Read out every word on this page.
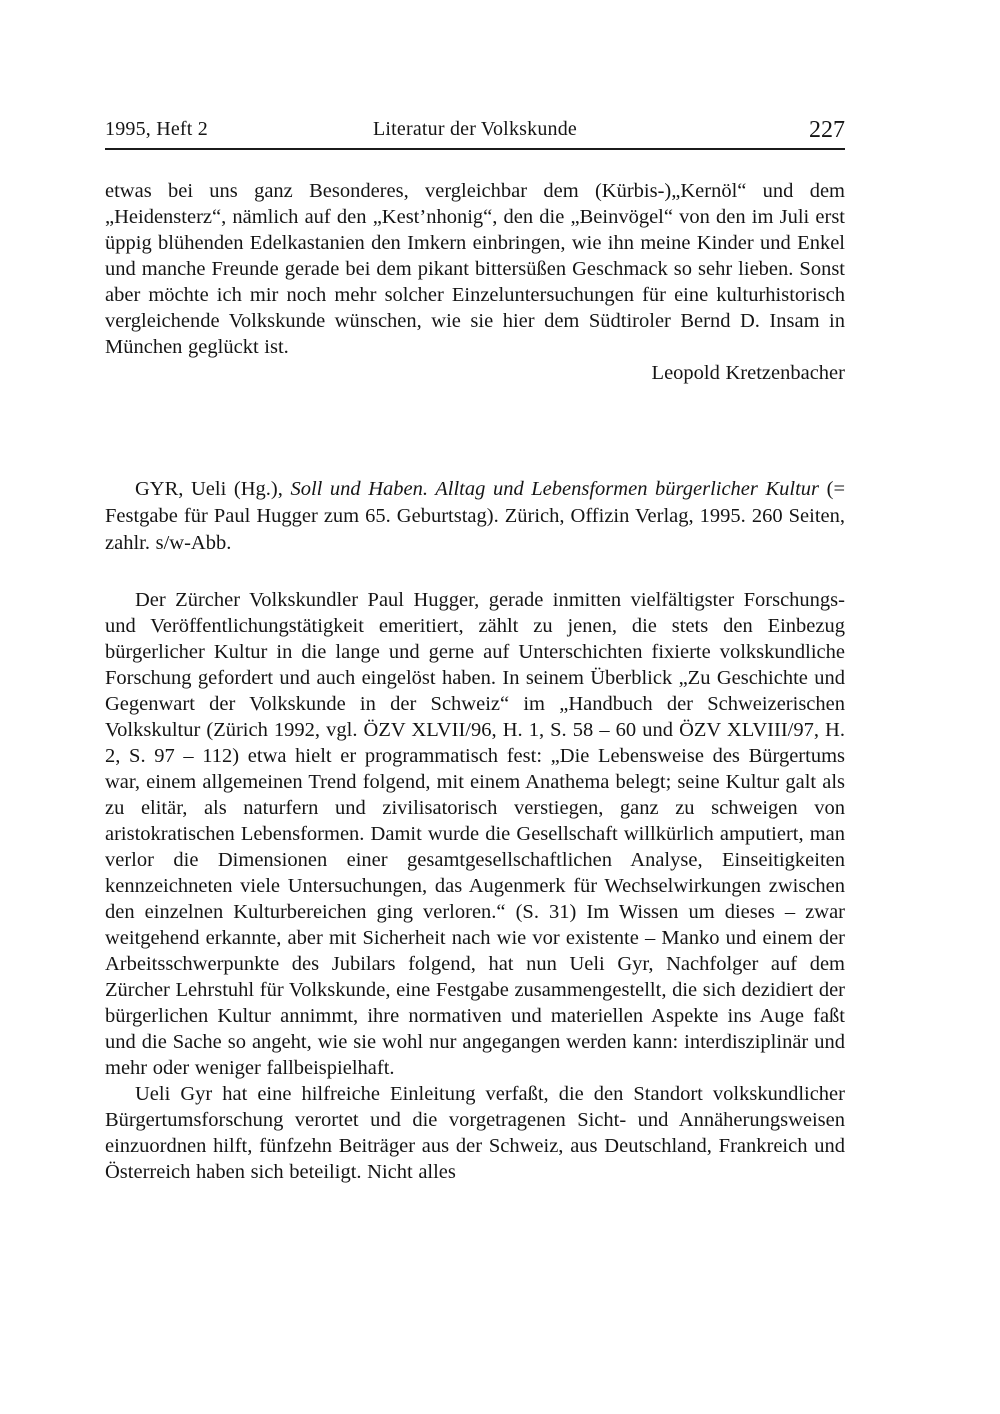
1995, Heft 2	Literatur der Volkskunde	227

etwas bei uns ganz Besonderes, vergleichbar dem (Kürbis-)„Kernöl“ und dem „Heidensterz“, nämlich auf den „Kest’nhonig“, den die „Beinvögel“ von den im Juli erst üppig blühenden Edelkastanien den Imkern einbringen, wie ihn meine Kinder und Enkel und manche Freunde gerade bei dem pikant bittersüßen Geschmack so sehr lieben. Sonst aber möchte ich mir noch mehr solcher Einzeluntersuchungen für eine kulturhistorisch vergleichende Volkskunde wünschen, wie sie hier dem Südtiroler Bernd D. Insam in München geglückt ist.

Leopold Kretzenbacher

GYR, Ueli (Hg.), Soll und Haben. Alltag und Lebensformen bürgerlicher Kultur (= Festgabe für Paul Hugger zum 65. Geburtstag). Zürich, Offizin Verlag, 1995. 260 Seiten, zahlr. s/w-Abb.

Der Zürcher Volkskundler Paul Hugger, gerade inmitten vielfältigster Forschungs- und Veröffentlichungstätigkeit emeritiert, zählt zu jenen, die stets den Einbezug bürgerlicher Kultur in die lange und gerne auf Unterschichten fixierte volkskundliche Forschung gefordert und auch eingelöst haben. In seinem Überblick „Zu Geschichte und Gegenwart der Volkskunde in der Schweiz“ im „Handbuch der Schweizerischen Volkskultur (Zürich 1992, vgl. ÖZV XLVII/96, H. 1, S. 58 – 60 und ÖZV XLVIII/97, H. 2, S. 97 – 112) etwa hielt er programmatisch fest: „Die Lebensweise des Bürgertums war, einem allgemeinen Trend folgend, mit einem Anathema belegt; seine Kultur galt als zu elitär, als naturfern und zivilisatorisch verstiegen, ganz zu schweigen von aristokratischen Lebensformen. Damit wurde die Gesellschaft willkürlich amputiert, man verlor die Dimensionen einer gesamtgesellschaftlichen Analyse, Einseitigkeiten kennzeichneten viele Untersuchungen, das Augenmerk für Wechselwirkungen zwischen den einzelnen Kulturbereichen ging verloren.“ (S. 31) Im Wissen um dieses – zwar weitgehend erkannte, aber mit Sicherheit nach wie vor existente – Manko und einem der Arbeitsschwerpunkte des Jubilars folgend, hat nun Ueli Gyr, Nachfolger auf dem Zürcher Lehrstuhl für Volkskunde, eine Festgabe zusammengestellt, die sich dezidiert der bürgerlichen Kultur annimmt, ihre normativen und materiellen Aspekte ins Auge faßt und die Sache so angeht, wie sie wohl nur angegangen werden kann: interdisziplinär und mehr oder weniger fallbeispielhaft.

Ueli Gyr hat eine hilfreiche Einleitung verfaßt, die den Standort volkskundlicher Bürgertumsforschung verortet und die vorgetragenen Sicht- und Annäherungsweisen einzuordnen hilft, fünfzehn Beiträger aus der Schweiz, aus Deutschland, Frankreich und Österreich haben sich beteiligt. Nicht alles
